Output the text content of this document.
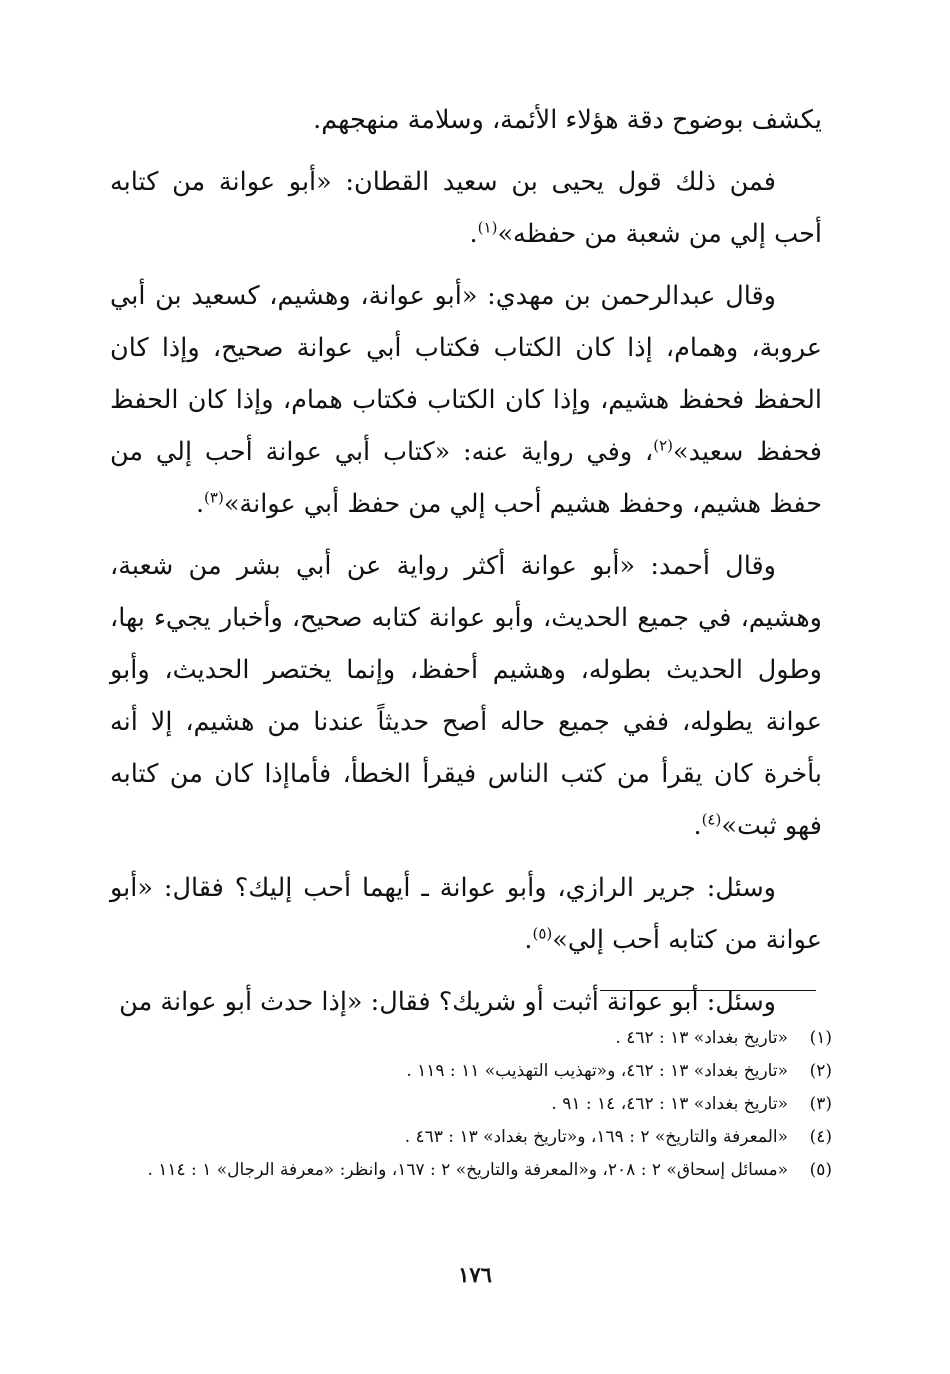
يكشف بوضوح دقة هؤلاء الأئمة، وسلامة منهجهم.

فمن ذلك قول يحيى بن سعيد القطان: «أبو عوانة من كتابه أحب إلي من شعبة من حفظه»$^{(١)}$.

وقال عبدالرحمن بن مهدي: «أبو عوانة، وهشيم، كسعيد بن أبي عروبة، وهمام، إذا كان الكتاب فكتاب أبي عوانة صحيح، وإذا كان الحفظ فحفظ هشيم، وإذا كان الكتاب فكتاب همام، وإذا كان الحفظ فحفظ سعيد»$^{(٢)}$، وفي رواية عنه: «كتاب أبي عوانة أحب إلي من حفظ هشيم، وحفظ هشيم أحب إلي من حفظ أبي عوانة»$^{(٣)}$.

وقال أحمد: «أبو عوانة أكثر رواية عن أبي بشر من شعبة، وهشيم، في جميع الحديث، وأبو عوانة كتابه صحيح، وأخبار يجيء بها، وطول الحديث بطوله، وهشيم أحفظ، وإنما يختصر الحديث، وأبو عوانة يطوله، ففي جميع حاله أصح حديثاً عندنا من هشيم، إلا أنه بأخرة كان يقرأ من كتب الناس فيقرأ الخطأ، فأماإذا كان من كتابه فهو ثبت»$^{(٤)}$.

وسئل: جرير الرازي، وأبو عوانة ـ أيهما أحب إليك؟ فقال: «أبو عوانة من كتابه أحب إلي»$^{(٥)}$.

وسئل: أبو عوانة أثبت أو شريك؟ فقال: «إذا حدث أبو عوانة من

(١)
«تاريخ بغداد» ١٣ : ٤٦٢ .
(٢)
«تاريخ بغداد» ١٣ : ٤٦٢، و«تهذيب التهذيب» ١١ : ١١٩ .
(٣)
«تاريخ بغداد» ١٣ : ٤٦٢، ١٤ : ٩١ .
(٤)
«المعرفة والتاريخ» ٢ : ١٦٩، و«تاريخ بغداد» ١٣ : ٤٦٣ .
(٥)
«مسائل إسحاق» ٢ : ٢٠٨، و«المعرفة والتاريخ» ٢ : ١٦٧، وانظر: «معرفة الرجال» ١ : ١١٤ .
١٧٦
